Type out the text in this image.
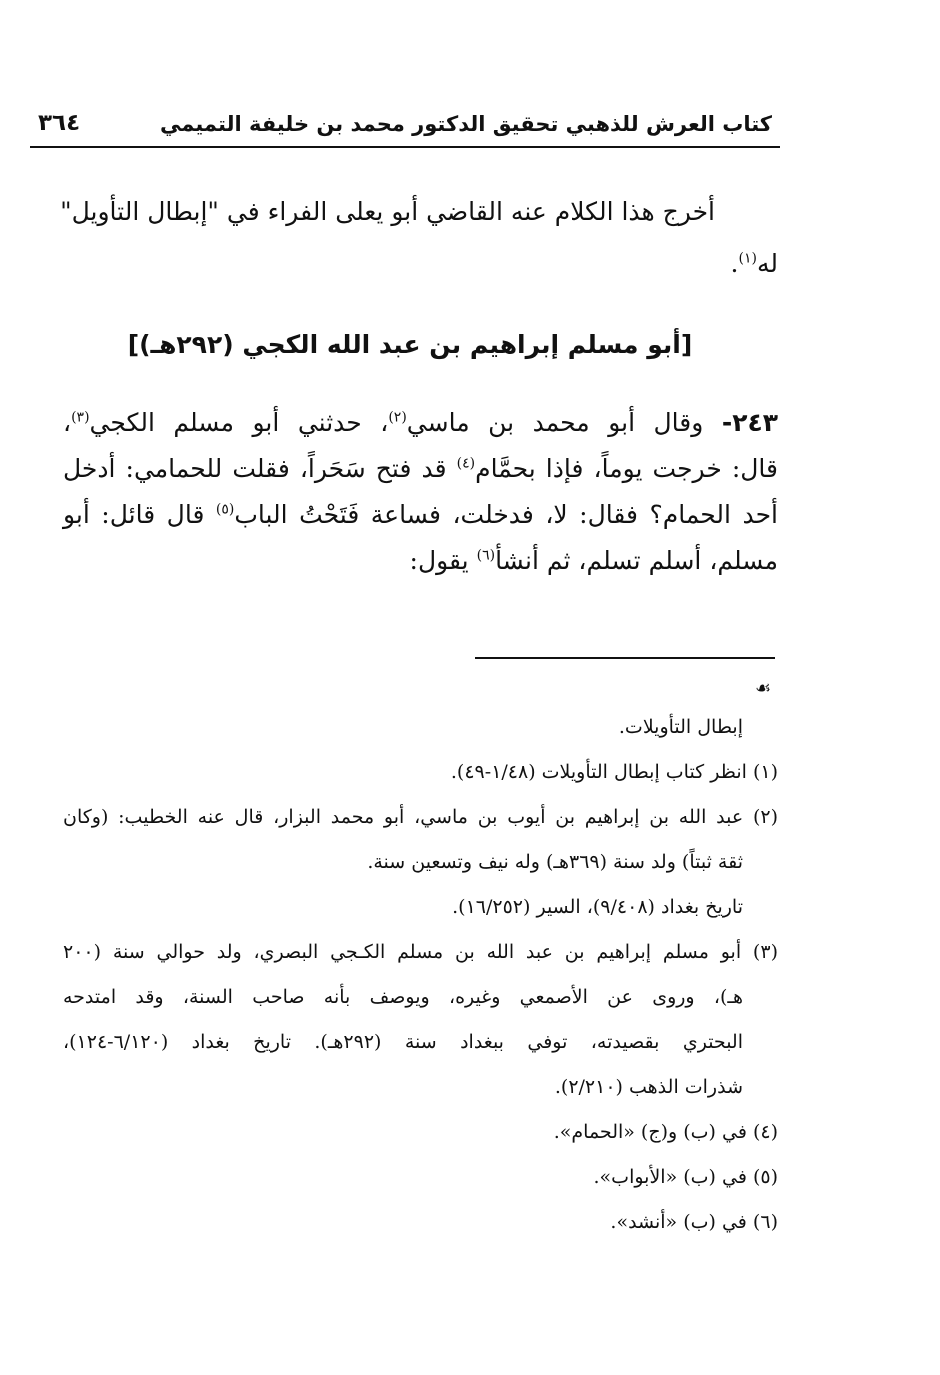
كتاب العرش للذهبي تحقيق الدكتور محمد بن خليفة التميمي
٣٦٤
أخرج هذا الكلام عنه القاضي أبو يعلى الفراء في "إبطال التأويل"
له$^{(١)}$.
[أبو مسلم إبراهيم بن عبد الله الكجي (٢٩٢هـ)]
٢٤٣- وقال أبو محمد بن ماسي$^{(٢)}$، حدثني أبو مسلم الكجي$^{(٣)}$،
قال: خرجت يوماً، فإذا بحمَّام$^{(٤)}$ قد فتح سَحَراً، فقلت للحمامي: أدخل
أحد الحمام؟ فقال: لا، فدخلت، فساعة فَتَحْتُ الباب$^{(٥)}$ قال قائل: أبو
مسلم، أسلم تسلم، ثم أنشأ$^{(٦)}$ يقول:
☙
إبطال التأويلات.
(١) انظر كتاب إبطال التأويلات (١/٤٨-٤٩).
(٢) عبد الله بن إبراهيم بن أيوب بن ماسي، أبو محمد البزار، قال عنه الخطيب: (وكان
ثقة ثبتاً) ولد سنة (٣٦٩هـ) وله نيف وتسعين سنة.
تاريخ بغداد (٩/٤٠٨)، السير (١٦/٢٥٢).
(٣) أبو مسلم إبراهيم بن عبد الله بن مسلم الكـجي البصري، ولد حوالي سنة (٢٠٠
هـ)، وروى عن الأصمعي وغيره، ويوصف بأنه صاحب السنة، وقد امتدحه
البحتري بقصيدته، توفي ببغداد سنة (٢٩٢هـ). تاريخ بغداد (٦/١٢٠-١٢٤)،
شذرات الذهب (٢/٢١٠).
(٤) في (ب) و(ج) «الحمام».
(٥) في (ب) «الأبواب».
(٦) في (ب) «أنشد».
